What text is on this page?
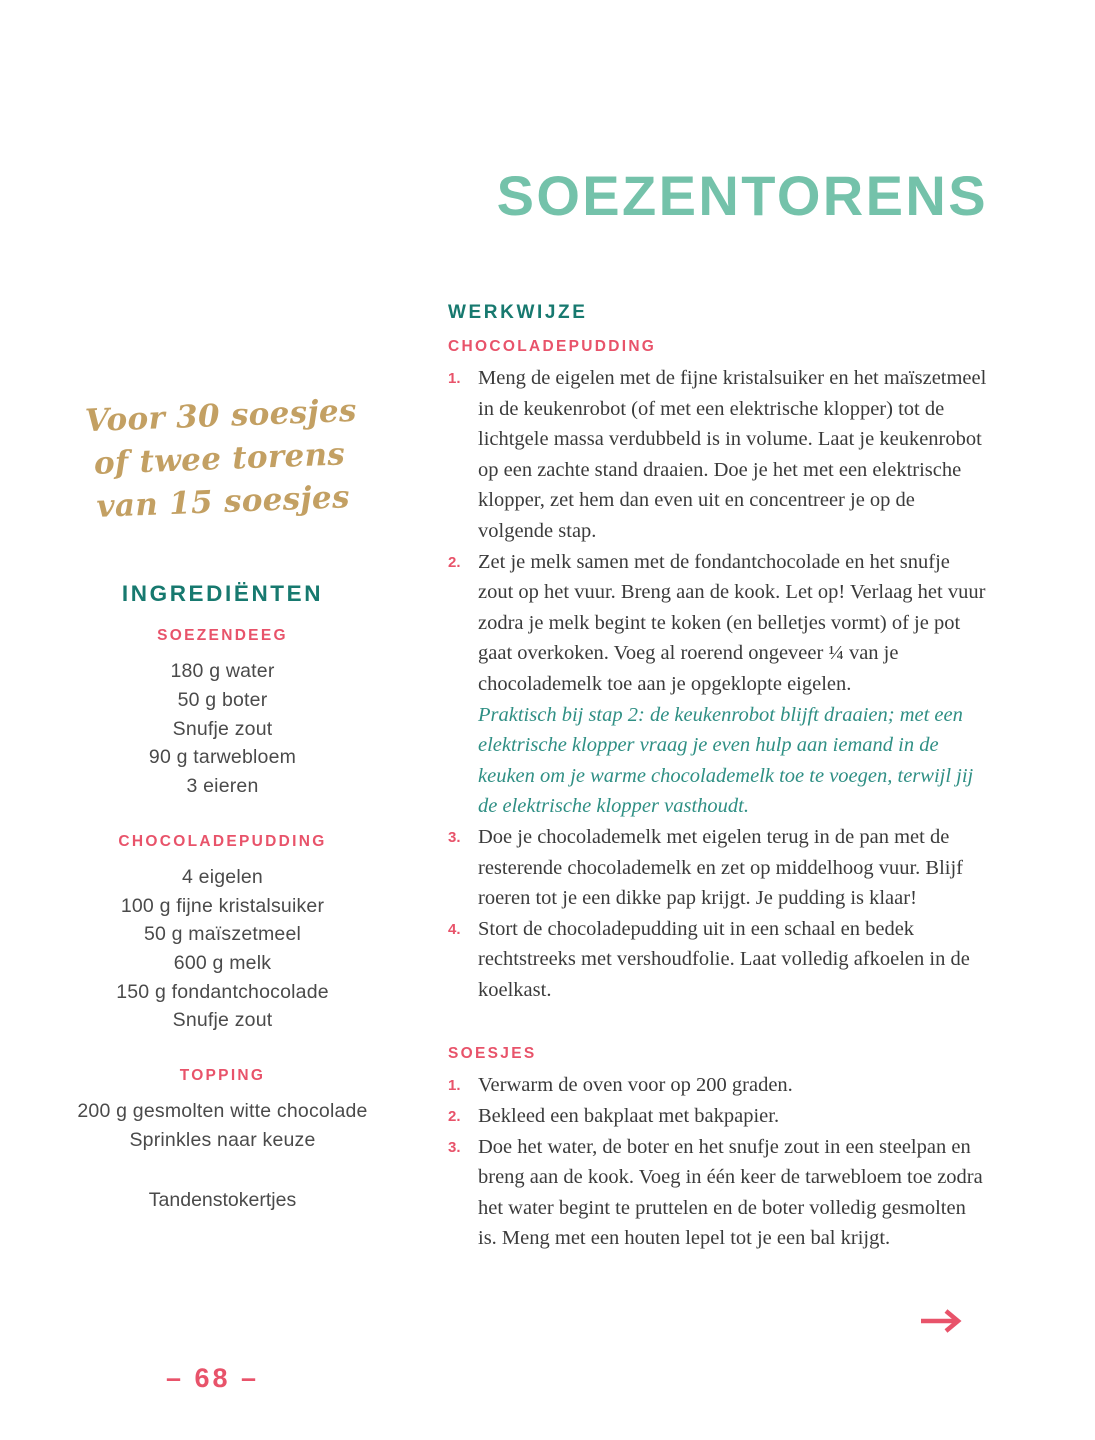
Voor 30 soesjes
of twee torens
van 15 soesjes
INGREDIËNTEN
SOEZENDEEG
180 g water
50 g boter
Snufje zout
90 g tarwebloem
3 eieren
CHOCOLADEPUDDING
4 eigelen
100 g fijne kristalsuiker
50 g maïszetmeel
600 g melk
150 g fondantchocolade
Snufje zout
TOPPING
200 g gesmolten witte chocolade
Sprinkles naar keuze
Tandenstokertjes
SOEZENTORENS
WERKWIJZE
CHOCOLADEPUDDING
1. Meng de eigelen met de fijne kristalsuiker en het maïszetmeel in de keukenrobot (of met een elektrische klopper) tot de lichtgele massa verdubbeld is in volume. Laat je keukenrobot op een zachte stand draaien. Doe je het met een elektrische klopper, zet hem dan even uit en concentreer je op de volgende stap.
2. Zet je melk samen met de fondantchocolade en het snufje zout op het vuur. Breng aan de kook. Let op! Verlaag het vuur zodra je melk begint te koken (en belletjes vormt) of je pot gaat overkoken. Voeg al roerend ongeveer ¼ van je chocolademelk toe aan je opgeklopte eigelen.
Praktisch bij stap 2: de keukenrobot blijft draaien; met een elektrische klopper vraag je even hulp aan iemand in de keuken om je warme chocolademelk toe te voegen, terwijl jij de elektrische klopper vasthoudt.
3. Doe je chocolademelk met eigelen terug in de pan met de resterende chocolademelk en zet op middelhoog vuur. Blijf roeren tot je een dikke pap krijgt. Je pudding is klaar!
4. Stort de chocoladepudding uit in een schaal en bedek rechtstreeks met vershoudfolie. Laat volledig afkoelen in de koelkast.
SOESJES
1. Verwarm de oven voor op 200 graden.
2. Bekleed een bakplaat met bakpapier.
3. Doe het water, de boter en het snufje zout in een steelpan en breng aan de kook. Voeg in één keer de tarwebloem toe zodra het water begint te pruttelen en de boter volledig gesmolten is. Meng met een houten lepel tot je een bal krijgt.
– 68 –
